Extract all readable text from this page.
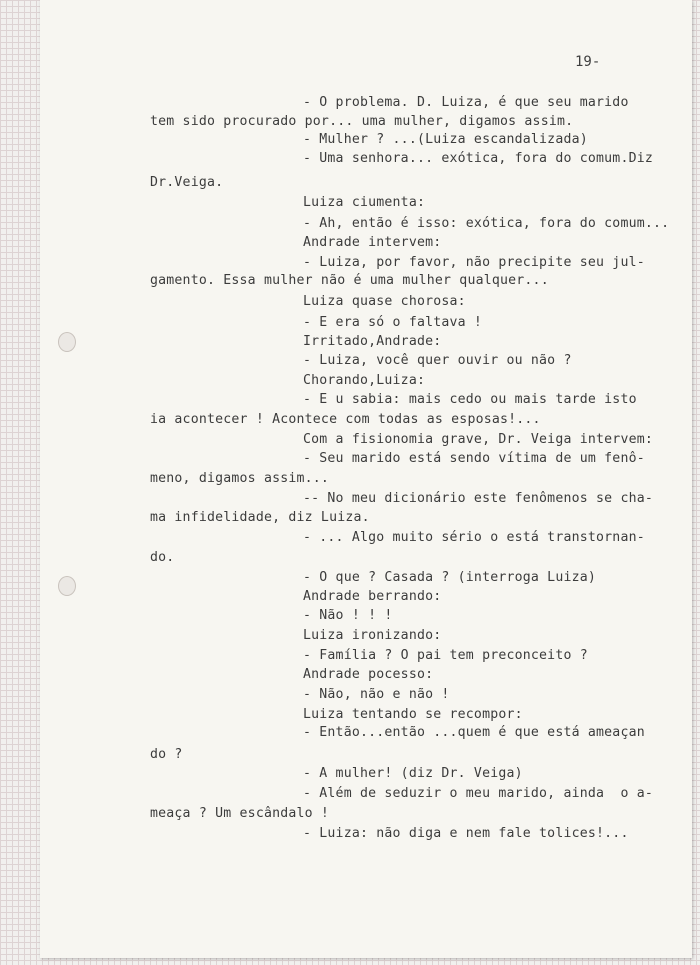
19-
- O problema. D. Luiza, é que seu marido
tem sido procurado por... uma mulher, digamos assim.
- Mulher ? ...(Luiza escandalizada)
- Uma senhora... exótica, fora do comum.Diz
Dr.Veiga.
Luiza ciumenta:
- Ah, então é isso: exótica, fora do comum...
Andrade intervem:
- Luiza, por favor, não precipite seu jul-
gamento. Essa mulher não é uma mulher qualquer...
Luiza quase chorosa:
- E era só o faltava !
Irritado,Andrade:
- Luiza, você quer ouvir ou não ?
Chorando,Luiza:
- E u sabia: mais cedo ou mais tarde isto
ia acontecer ! Acontece com todas as esposas!...
Com a fisionomia grave, Dr. Veiga intervem:
- Seu marido está sendo vítima de um fenô-
meno, digamos assim...
-- No meu dicionário este fenômenos se cha-
ma infidelidade, diz Luiza.
- ... Algo muito sério o está transtornan-
do.
- O que ? Casada ? (interroga Luiza)
Andrade berrando:
- Não ! ! !
Luiza ironizando:
- Família ? O pai tem preconceito ?
Andrade pocesso:
- Não, não e não !
Luiza tentando se recompor:
- Então...então ...quem é que está ameaçan
do ?
- A mulher! (diz Dr. Veiga)
- Além de seduzir o meu marido, ainda  o a-
meaça ? Um escândalo !
- Luiza: não diga e nem fale tolices!...
